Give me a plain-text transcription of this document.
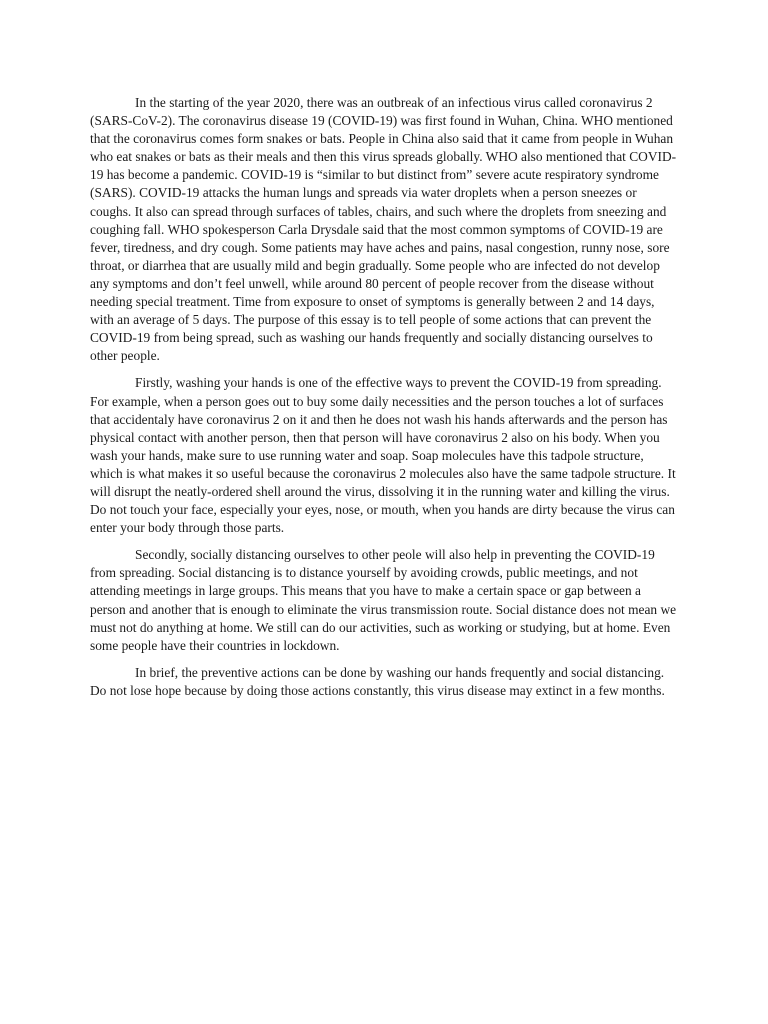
In the starting of the year 2020, there was an outbreak of an infectious virus called coronavirus 2 (SARS-CoV-2). The coronavirus disease 19 (COVID-19) was first found in Wuhan, China. WHO mentioned that the coronavirus comes form snakes or bats. People in China also said that it came from people in Wuhan who eat snakes or bats as their meals and then this virus spreads globally. WHO also mentioned that COVID-19 has become a pandemic. COVID-19 is “similar to but distinct from” severe acute respiratory syndrome (SARS). COVID-19 attacks the human lungs and spreads via water droplets when a person sneezes or coughs. It also can spread through surfaces of tables, chairs, and such where the droplets from sneezing and coughing fall. WHO spokesperson Carla Drysdale said that the most common symptoms of COVID-19 are fever, tiredness, and dry cough. Some patients may have aches and pains, nasal congestion, runny nose, sore throat, or diarrhea that are usually mild and begin gradually. Some people who are infected do not develop any symptoms and don’t feel unwell, while around 80 percent of people recover from the disease without needing special treatment. Time from exposure to onset of symptoms is generally between 2 and 14 days, with an average of 5 days. The purpose of this essay is to tell people of some actions that can prevent the COVID-19 from being spread, such as washing our hands frequently and socially distancing ourselves to other people.

Firstly, washing your hands is one of the effective ways to prevent the COVID-19 from spreading. For example, when a person goes out to buy some daily necessities and the person touches a lot of surfaces that accidentaly have coronavirus 2 on it and then he does not wash his hands afterwards and the person has physical contact with another person, then that person will have coronavirus 2 also on his body. When you wash your hands, make sure to use running water and soap. Soap molecules have this tadpole structure, which is what makes it so useful because the coronavirus 2 molecules also have the same tadpole structure. It will disrupt the neatly-ordered shell around the virus, dissolving it in the running water and killing the virus. Do not touch your face, especially your eyes, nose, or mouth, when you hands are dirty because the virus can enter your body through those parts.

Secondly, socially distancing ourselves to other peole will also help in preventing the COVID-19 from spreading. Social distancing is to distance yourself by avoiding crowds, public meetings, and not attending meetings in large groups. This means that you have to make a certain space or gap between a person and another that is enough to eliminate the virus transmission route. Social distance does not mean we must not do anything at home. We still can do our activities, such as working or studying, but at home. Even some people have their countries in lockdown.

In brief, the preventive actions can be done by washing our hands frequently and social distancing. Do not lose hope because by doing those actions constantly, this virus disease may extinct in a few months.
